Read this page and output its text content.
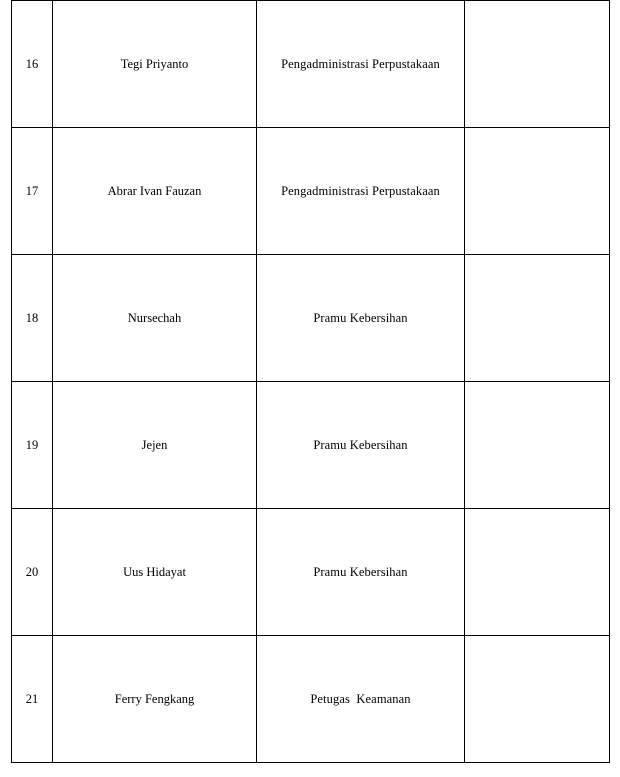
16	Tegi Priyanto	Pengadministrasi Perpustakaan	
17	Abrar Ivan Fauzan	Pengadministrasi Perpustakaan	
18	Nursechah	Pramu Kebersihan	
19	Jejen	Pramu Kebersihan	
20	Uus Hidayat	Pramu Kebersihan	
21	Ferry Fengkang	Petugas  Keamanan	
